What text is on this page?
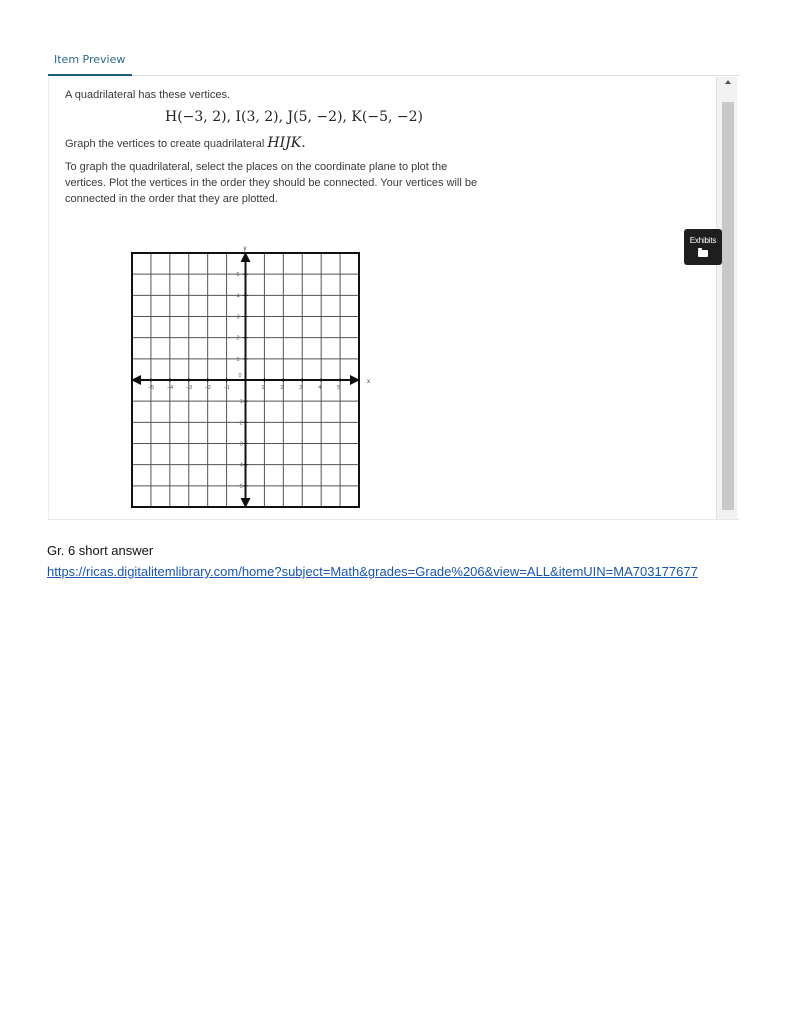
Item Preview

A quadrilateral has these vertices.

H(−3, 2), I(3, 2), J(5, −2), K(−5, −2)

Graph the vertices to create quadrilateral HIJK.

To graph the quadrilateral, select the places on the coordinate plane to plot the
vertices. Plot the vertices in the order they should be connected. Your vertices will be
connected in the order that they are plotted.
x
y
−5 −4 −3 −2 −1	1	2	3	4	5
5
4
3
2
1
−1
−2
−3
−4
−5
0
Exhibits
Gr. 6 short answer
https://ricas.digitalitemlibrary.com/home?subject=Math&grades=Grade%206&view=ALL&itemUIN=MA703177677
